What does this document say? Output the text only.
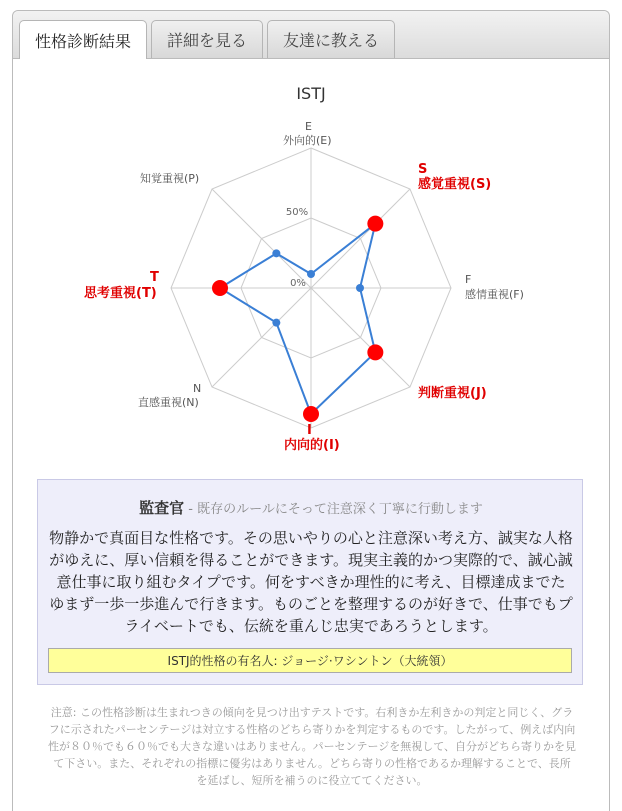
性格診断結果	詳細を見る	友達に教える
ISTJ
0%
50%
E
外向的(E)
S
感覚重視(S)
F
感情重視(F)
判断重視(J)
I
内向的(I)
N
直感重視(N)
T
思考重視(T)
知覚重視(P)
監査官 - 既存のルールにそって注意深く丁寧に行動します
物静かで真面目な性格です。その思いやりの心と注意深い考え方、誠実な人格がゆえに、厚い信頼を得ることができます。現実主義的かつ実際的で、誠心誠意仕事に取り組むタイプです。何をすべきか理性的に考え、目標達成までたゆまず一歩一歩進んで行きます。ものごとを整理するのが好きで、仕事でもプライベートでも、伝統を重んじ忠実であろうとします。
ISTJ的性格の有名人: ジョージ·ワシントン（大統領）
注意: この性格診断は生まれつきの傾向を見つけ出すテストです。右利きか左利きかの判定と同じく、グラフに示されたパーセンテージは対立する性格のどちら寄りかを判定するものです。したがって、例えば内向性が８０％でも６０％でも大きな違いはありません。パーセンテージを無視して、自分がどちら寄りかを見て下さい。また、それぞれの指標に優劣はありません。どちら寄りの性格であるか理解することで、長所を延ばし、短所を補うのに役立ててください。
